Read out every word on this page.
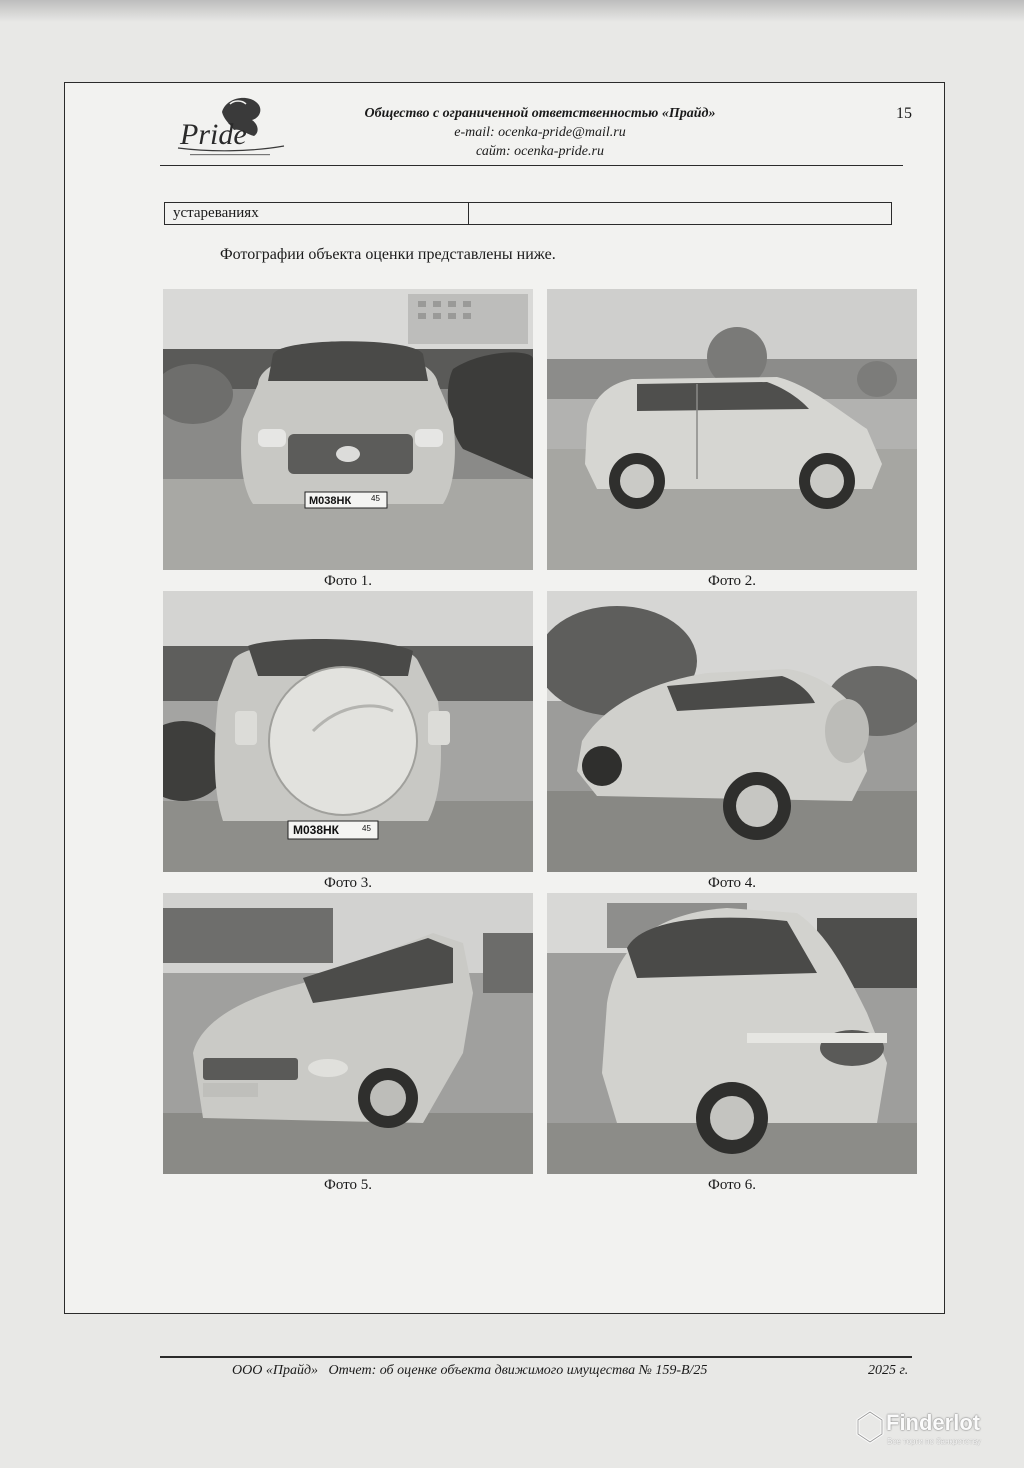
Pride
Общество с ограниченной ответственностью «Прайд»
e-mail: ocenka-pride@mail.ru
сайт: ocenka-pride.ru
15
устареваниях
Фотографии объекта оценки представлены ниже.
М038НК 45
Фото 1.	Фото 2.
М038НК	45
Фото 3.	Фото 4.
Фото 5.	Фото 6.
ООО «Прайд»   Отчет: об оценке объекта движимого имущества № 159-В/25	2025 г.
Finderlot
Все торги по банкротству
